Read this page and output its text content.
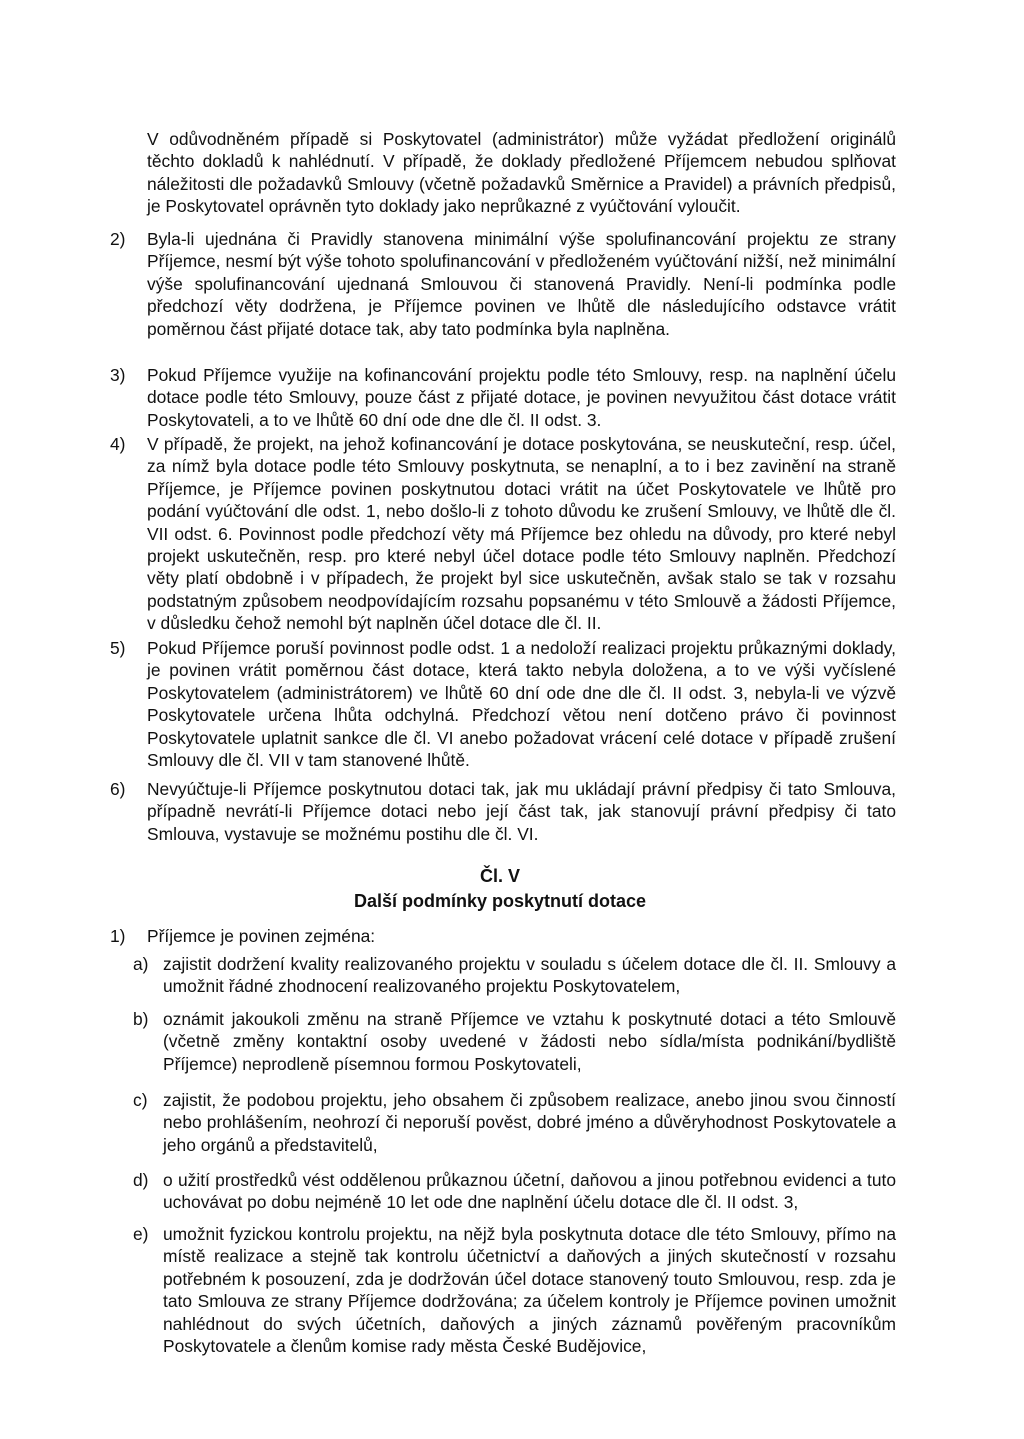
V odůvodněném případě si Poskytovatel (administrátor) může vyžádat předložení originálů těchto dokladů k nahlédnutí. V případě, že doklady předložené Příjemcem nebudou splňovat náležitosti dle požadavků Smlouvy (včetně požadavků Směrnice a Pravidel) a právních předpisů, je Poskytovatel oprávněn tyto doklady jako neprůkazné z vyúčtování vyloučit.

2) Byla-li ujednána či Pravidly stanovena minimální výše spolufinancování projektu ze strany Příjemce, nesmí být výše tohoto spolufinancování v předloženém vyúčtování nižší, než minimální výše spolufinancování ujednaná Smlouvou či stanovená Pravidly. Není-li podmínka podle předchozí věty dodržena, je Příjemce povinen ve lhůtě dle následujícího odstavce vrátit poměrnou část přijaté dotace tak, aby tato podmínka byla naplněna.

3) Pokud Příjemce využije na kofinancování projektu podle této Smlouvy, resp. na naplnění účelu dotace podle této Smlouvy, pouze část z přijaté dotace, je povinen nevyužitou část dotace vrátit Poskytovateli, a to ve lhůtě 60 dní ode dne dle čl. II odst. 3.

4) V případě, že projekt, na jehož kofinancování je dotace poskytována, se neuskuteční, resp. účel, za nímž byla dotace podle této Smlouvy poskytnuta, se nenaplní, a to i bez zavinění na straně Příjemce, je Příjemce povinen poskytnutou dotaci vrátit na účet Poskytovatele ve lhůtě pro podání vyúčtování dle odst. 1, nebo došlo-li z tohoto důvodu ke zrušení Smlouvy, ve lhůtě dle čl. VII odst. 6. Povinnost podle předchozí věty má Příjemce bez ohledu na důvody, pro které nebyl projekt uskutečněn, resp. pro které nebyl účel dotace podle této Smlouvy naplněn. Předchozí věty platí obdobně i v případech, že projekt byl sice uskutečněn, avšak stalo se tak v rozsahu podstatným způsobem neodpovídajícím rozsahu popsanému v této Smlouvě a žádosti Příjemce, v důsledku čehož nemohl být naplněn účel dotace dle čl. II.

5) Pokud Příjemce poruší povinnost podle odst. 1 a nedoloží realizaci projektu průkaznými doklady, je povinen vrátit poměrnou část dotace, která takto nebyla doložena, a to ve výši vyčíslené Poskytovatelem (administrátorem) ve lhůtě 60 dní ode dne dle čl. II odst. 3, nebyla-li ve výzvě Poskytovatele určena lhůta odchylná. Předchozí větou není dotčeno právo či povinnost Poskytovatele uplatnit sankce dle čl. VI anebo požadovat vrácení celé dotace v případě zrušení Smlouvy dle čl. VII v tam stanovené lhůtě.

6) Nevyúčtuje-li Příjemce poskytnutou dotaci tak, jak mu ukládají právní předpisy či tato Smlouva, případně nevrátí-li Příjemce dotaci nebo její část tak, jak stanovují právní předpisy či tato Smlouva, vystavuje se možnému postihu dle čl. VI.

Čl. V
Další podmínky poskytnutí dotace
1) Příjemce je povinen zejména:

a) zajistit dodržení kvality realizovaného projektu v souladu s účelem dotace dle čl. II. Smlouvy a umožnit řádné zhodnocení realizovaného projektu Poskytovatelem,

b) oznámit jakoukoli změnu na straně Příjemce ve vztahu k poskytnuté dotaci a této Smlouvě (včetně změny kontaktní osoby uvedené v žádosti nebo sídla/místa podnikání/bydliště Příjemce) neprodleně písemnou formou Poskytovateli,

c) zajistit, že podobou projektu, jeho obsahem či způsobem realizace, anebo jinou svou činností nebo prohlášením, neohrozí či neporuší pověst, dobré jméno a důvěryhodnost Poskytovatele a jeho orgánů a představitelů,

d) o užití prostředků vést oddělenou průkaznou účetní, daňovou a jinou potřebnou evidenci a tuto uchovávat po dobu nejméně 10 let ode dne naplnění účelu dotace dle čl. II odst. 3,

e) umožnit fyzickou kontrolu projektu, na nějž byla poskytnuta dotace dle této Smlouvy, přímo na místě realizace a stejně tak kontrolu účetnictví a daňových a jiných skutečností v rozsahu potřebném k posouzení, zda je dodržován účel dotace stanovený touto Smlouvou, resp. zda je tato Smlouva ze strany Příjemce dodržována; za účelem kontroly je Příjemce povinen umožnit nahlédnout do svých účetních, daňových a jiných záznamů pověřeným pracovníkům Poskytovatele a členům komise rady města České Budějovice,
